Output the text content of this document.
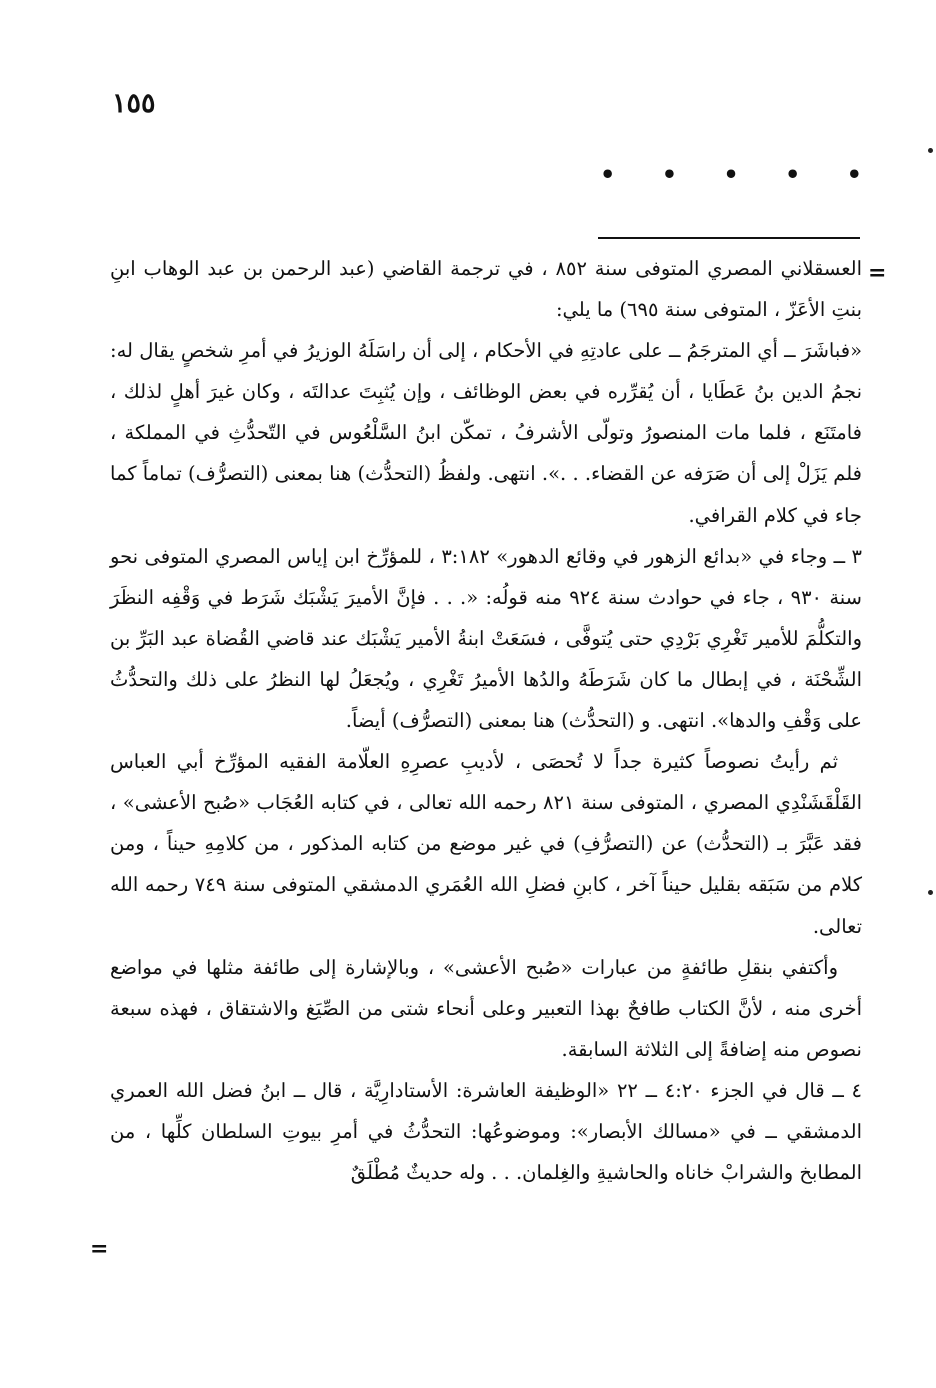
١٥٥
•
•
•
•
•
=
=

العسقلاني المصري المتوفى سنة ٨٥٢ ، في ترجمة القاضي (عبد الرحمن بن عبد الوهاب ابنِ بنتِ الأعَزّ ، المتوفى سنة ٦٩٥) ما يلي:

«فباشَرَ ــ أي المترجَمُ ــ على عادتِهِ في الأحكام ، إلى أن راسَلَهُ الوزيرُ في أمرِ شخصٍ يقال له: نجمُ الدين بنُ عَطَايا ، أن يُقرِّره في بعض الوظائف ، وإن يُثبِتَ عدالتَه ، وكان غيرَ أهلٍ لذلك ، فامتَنَع ، فلما مات المنصورُ وتولّى الأشرفُ ، تمكّن ابنُ السَّلْعُوس في التّحدُّثِ في المملكة ، فلم يَزَلْ إلى أن صَرَفه عن القضاء. . .». انتهى. ولفظُ (التحدُّث) هنا بمعنى (التصرُّف) تماماً كما جاء في كلام القرافي.

٣ ــ وجاء في «بدائع الزهور في وقائع الدهور» ٣:١٨٢ ، للمؤرِّخ ابن إياس المصري المتوفى نحو سنة ٩٣٠ ، جاء في حوادث سنة ٩٢٤ منه قولُه: «. . . فإنَّ الأميرَ يَشْبَك شَرَط في وَقْفِه النظَرَ والتكلُّمَ للأمير تَغْرِي بَرْدِي حتى يُتوفَّى ، فسَعَتْ ابنةُ الأمير يَشْبَك عند قاضي القُضاة عبد البَرِّ بن الشِّحْنَة ، في إبطال ما كان شَرَطَهُ والدُها الأميرُ تَغْرِي ، ويُجعَلُ لها النظرُ على ذلك والتحدُّثُ على وَقْفِ والدها». انتهى. و (التحدُّث) هنا بمعنى (التصرُّف) أيضاً.

ثم رأيتُ نصوصاً كثيرة جداً لا تُحصَى ، لأديبِ عصرِهِ العلّامة الفقيه المؤرِّخ أبي العباس القَلْقَشَنْدِي المصري ، المتوفى سنة ٨٢١ رحمه الله تعالى ، في كتابه العُجَاب «صُبح الأعشى» ، فقد عَبَّرَ بـ (التحدُّث) عن (التصرُّفِ) في غير موضع من كتابه المذكور ، من كلامِهِ حيناً ، ومن كلام من سَبَقه بقليل حيناً آخر ، كابنِ فضلِ الله العُمَري الدمشقي المتوفى سنة ٧٤٩ رحمه الله تعالى.

وأكتفي بنقلِ طائفةٍ من عبارات «صُبح الأعشى» ، وبالإشارة إلى طائفة مثلها في مواضع أخرى منه ، لأنَّ الكتاب طافحٌ بهذا التعبير وعلى أنحاء شتى من الصِّيَغ والاشتقاق ، فهذه سبعة نصوص منه إضافةً إلى الثلاثة السابقة.

٤ ــ قال في الجزء ٤:٢٠ ــ ٢٢ «الوظيفة العاشرة: الأستادارِيَّة ، قال ــ ابنُ فضل الله العمري الدمشقي ــ في «مسالك الأبصار»: وموضوعُها: التحدُّثُ في أمرِ بيوتِ السلطان كلِّها ، من المطابخ والشرابْ خاناه والحاشيةِ والغِلمان. . . وله حديثٌ مُطْلَقٌ
